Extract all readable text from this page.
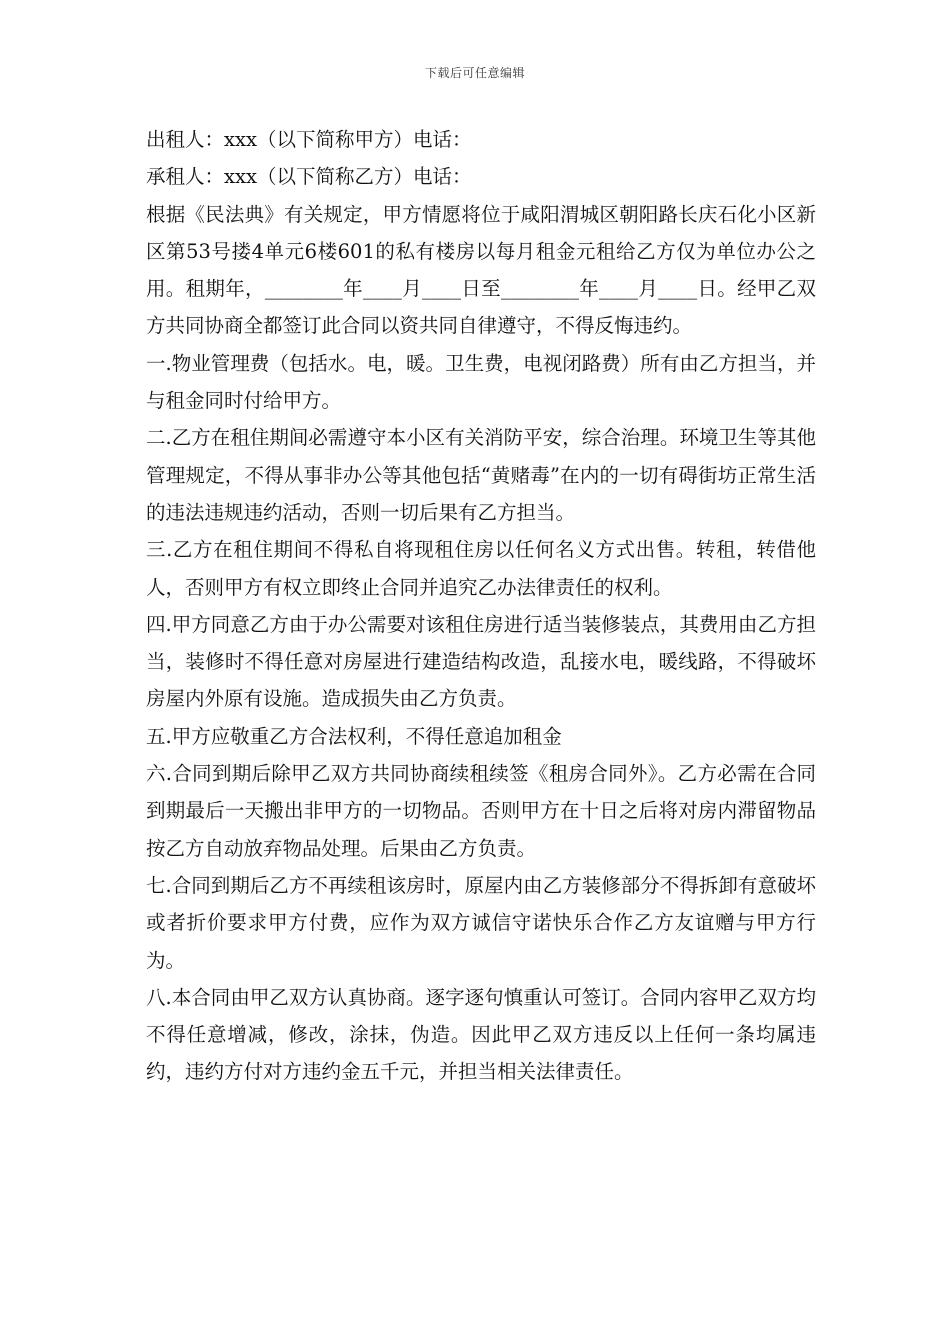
下载后可任意编辑

出租人：xxx（以下简称甲方）电话：

承租人：xxx（以下简称乙方）电话：

根据《民法典》有关规定，甲方情愿将位于咸阳渭城区朝阳路长庆石化小区新区第53号搂4单元6楼601的私有楼房以每月租金元租给乙方仅为单位办公之用。租期年，________年____月____日至________年____月____日。经甲乙双方共同协商全都签订此合同以资共同自律遵守，不得反悔违约。

一.物业管理费（包括水。电，暖。卫生费，电视闭路费）所有由乙方担当，并与租金同时付给甲方。

二.乙方在租住期间必需遵守本小区有关消防平安，综合治理。环境卫生等其他管理规定，不得从事非办公等其他包括“黄赌毒”在内的一切有碍街坊正常生活的违法违规违约活动，否则一切后果有乙方担当。

三.乙方在租住期间不得私自将现租住房以任何名义方式出售。转租，转借他人，否则甲方有权立即终止合同并追究乙办法律责任的权利。

四.甲方同意乙方由于办公需要对该租住房进行适当装修装点，其费用由乙方担当，装修时不得任意对房屋进行建造结构改造，乱接水电，暖线路，不得破坏房屋内外原有设施。造成损失由乙方负责。

五.甲方应敬重乙方合法权利，不得任意追加租金

六.合同到期后除甲乙双方共同协商续租续签《租房合同外》。乙方必需在合同到期最后一天搬出非甲方的一切物品。否则甲方在十日之后将对房内滞留物品按乙方自动放弃物品处理。后果由乙方负责。

七.合同到期后乙方不再续租该房时，原屋内由乙方装修部分不得拆卸有意破坏或者折价要求甲方付费，应作为双方诚信守诺快乐合作乙方友谊赠与甲方行为。

八.本合同由甲乙双方认真协商。逐字逐句慎重认可签订。合同内容甲乙双方均不得任意增减，修改，涂抹，伪造。因此甲乙双方违反以上任何一条均属违约，违约方付对方违约金五千元，并担当相关法律责任。
